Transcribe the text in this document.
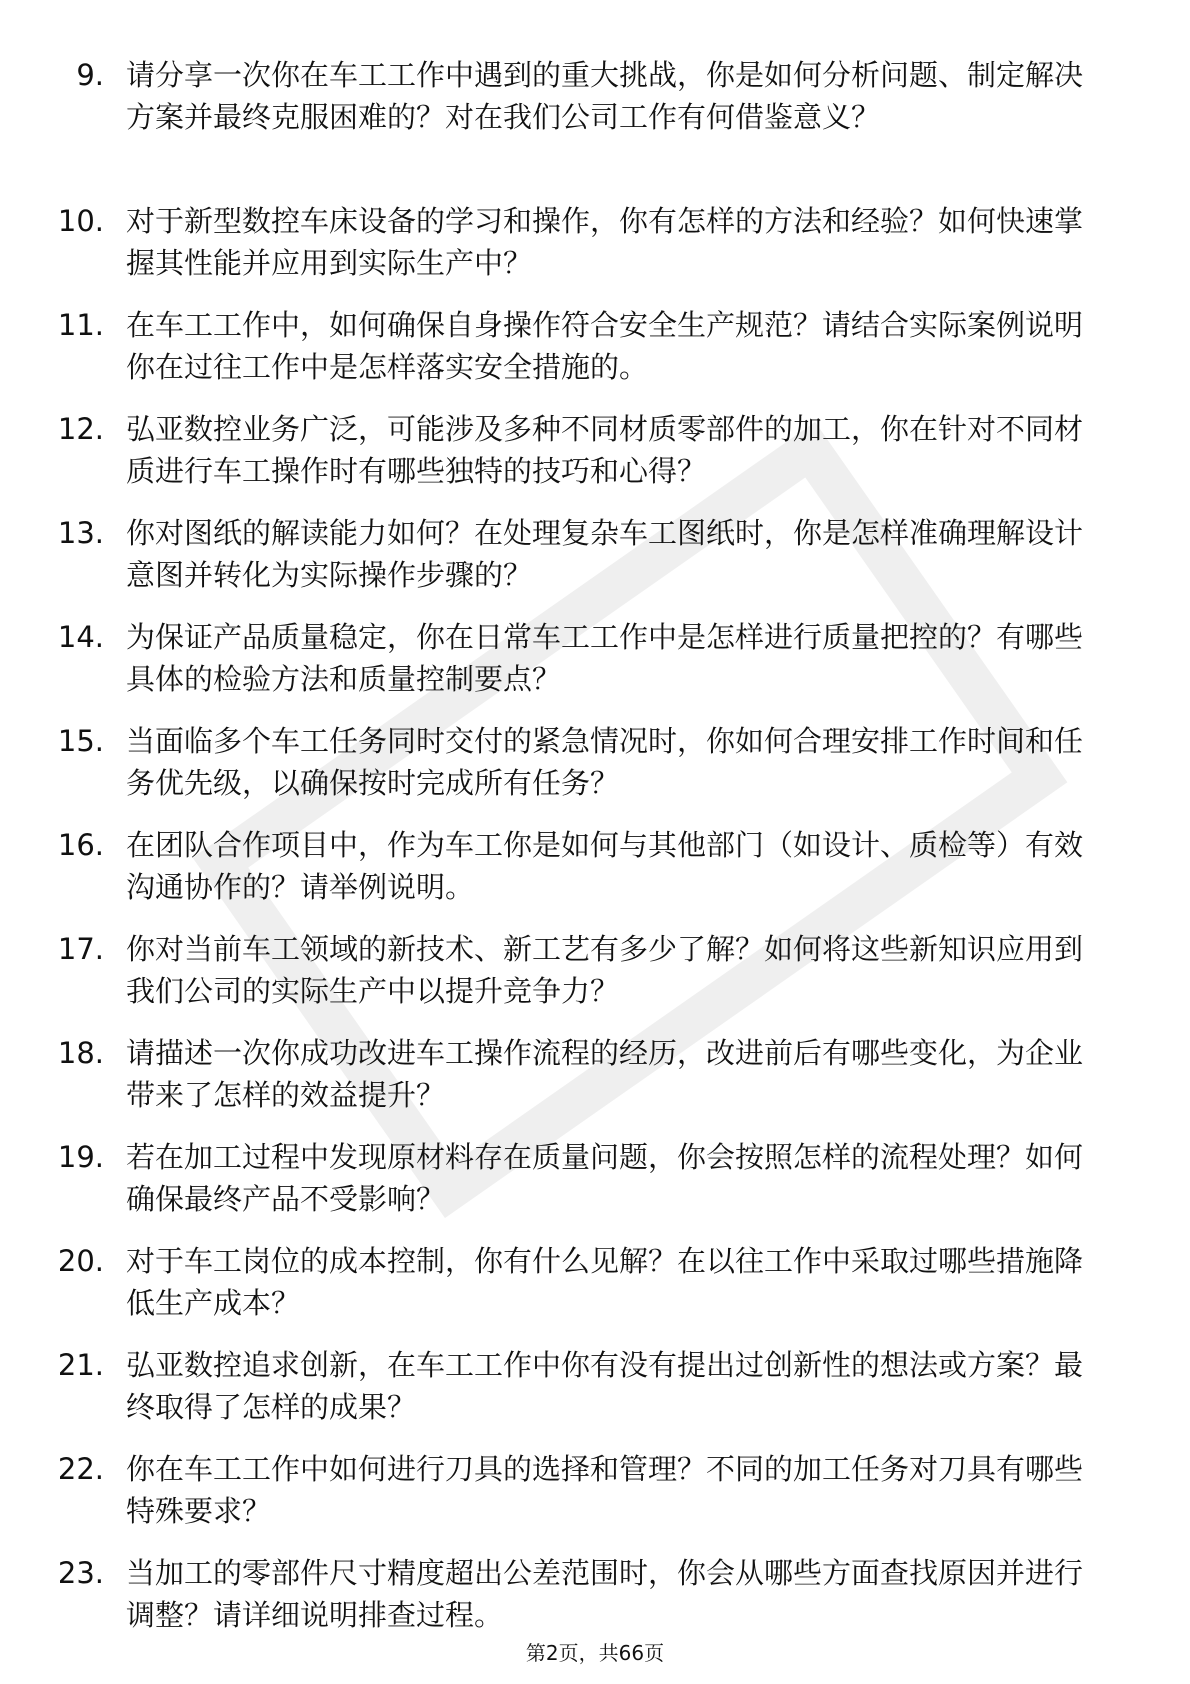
9. 请分享一次你在车工工作中遇到的重大挑战，你是如何分析问题、制定解决方案并最终克服困难的？对在我们公司工作有何借鉴意义？
10. 对于新型数控车床设备的学习和操作，你有怎样的方法和经验？如何快速掌握其性能并应用到实际生产中？
11. 在车工工作中，如何确保自身操作符合安全生产规范？请结合实际案例说明你在过往工作中是怎样落实安全措施的。
12. 弘亚数控业务广泛，可能涉及多种不同材质零部件的加工，你在针对不同材质进行车工操作时有哪些独特的技巧和心得？
13. 你对图纸的解读能力如何？在处理复杂车工图纸时，你是怎样准确理解设计意图并转化为实际操作步骤的？
14. 为保证产品质量稳定，你在日常车工工作中是怎样进行质量把控的？有哪些具体的检验方法和质量控制要点？
15. 当面临多个车工任务同时交付的紧急情况时，你如何合理安排工作时间和任务优先级，以确保按时完成所有任务？
16. 在团队合作项目中，作为车工你是如何与其他部门（如设计、质检等）有效沟通协作的？请举例说明。
17. 你对当前车工领域的新技术、新工艺有多少了解？如何将这些新知识应用到我们公司的实际生产中以提升竞争力？
18. 请描述一次你成功改进车工操作流程的经历，改进前后有哪些变化，为企业带来了怎样的效益提升？
19. 若在加工过程中发现原材料存在质量问题，你会按照怎样的流程处理？如何确保最终产品不受影响？
20. 对于车工岗位的成本控制，你有什么见解？在以往工作中采取过哪些措施降低生产成本？
21. 弘亚数控追求创新，在车工工作中你有没有提出过创新性的想法或方案？最终取得了怎样的成果？
22. 你在车工工作中如何进行刀具的选择和管理？不同的加工任务对刀具有哪些特殊要求？
23. 当加工的零部件尺寸精度超出公差范围时，你会从哪些方面查找原因并进行调整？请详细说明排查过程。
第2页，共66页
